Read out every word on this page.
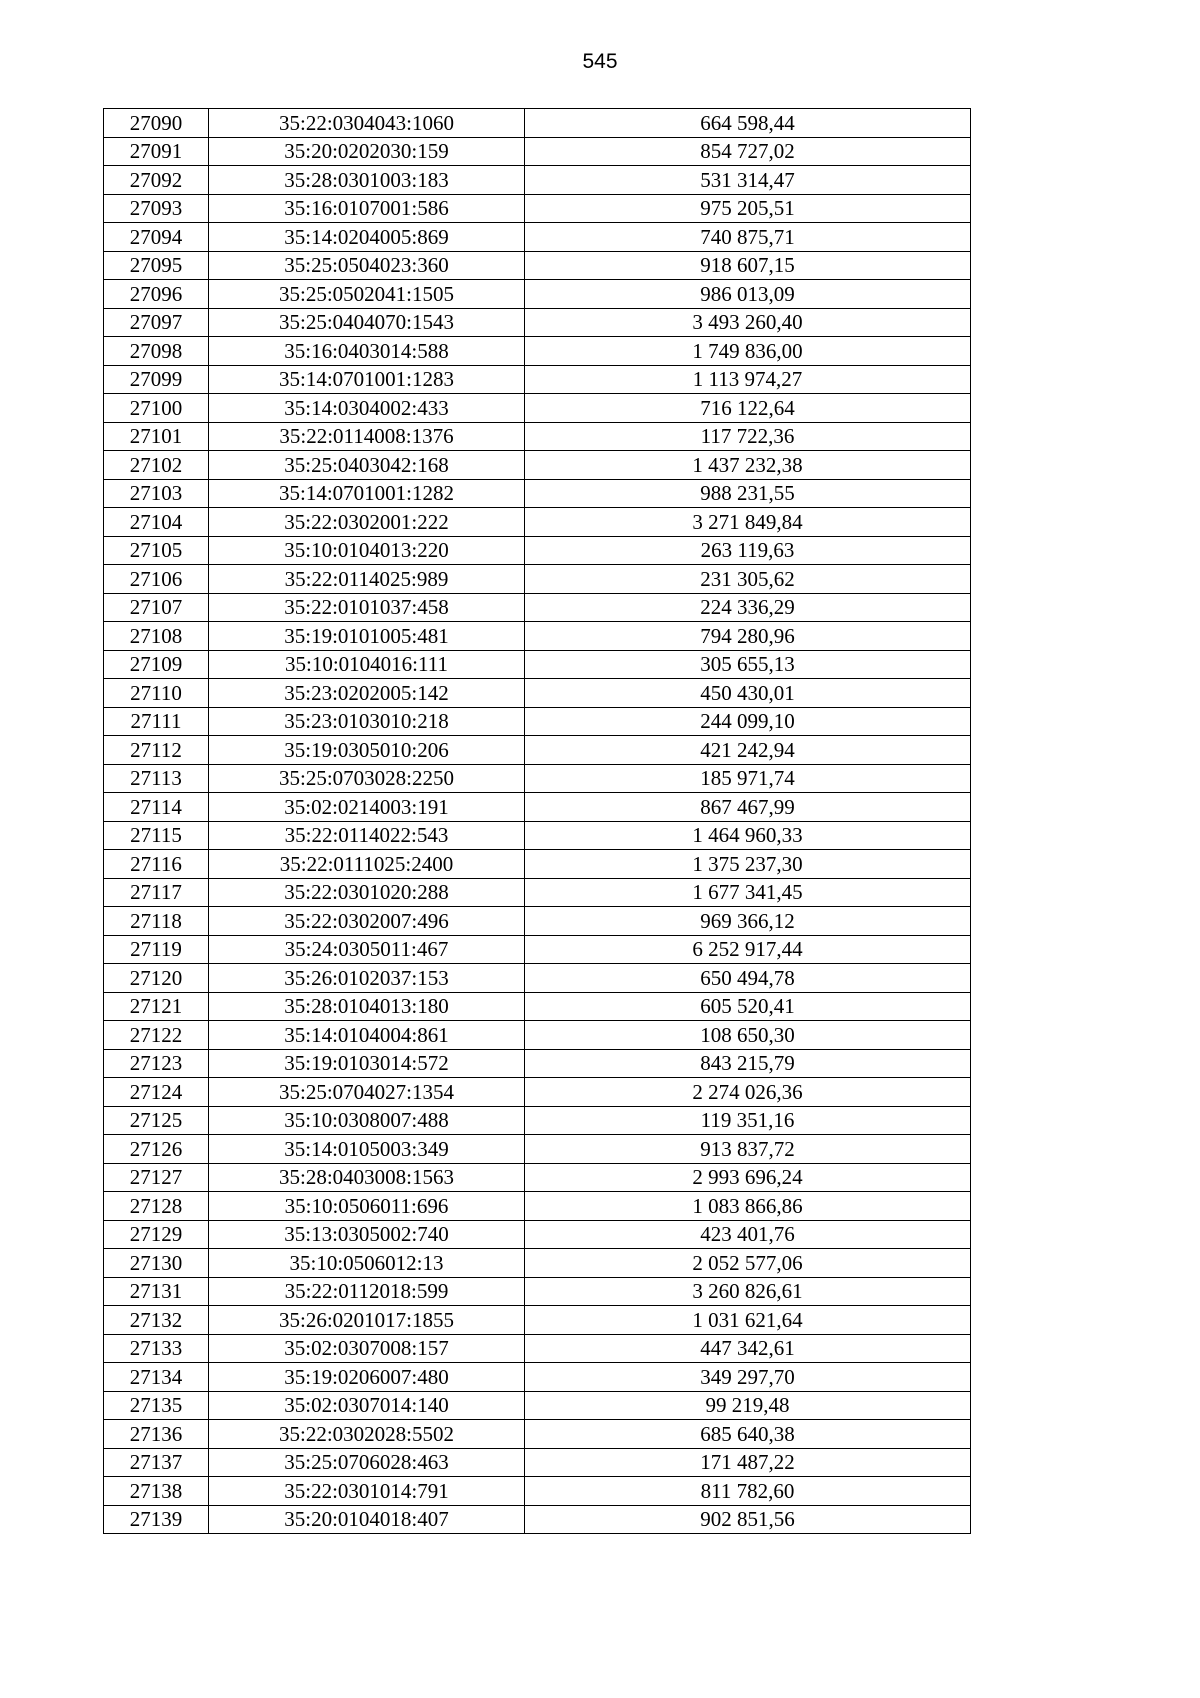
545
27090	35:22:0304043:1060	664 598,44
27091	35:20:0202030:159	854 727,02
27092	35:28:0301003:183	531 314,47
27093	35:16:0107001:586	975 205,51
27094	35:14:0204005:869	740 875,71
27095	35:25:0504023:360	918 607,15
27096	35:25:0502041:1505	986 013,09
27097	35:25:0404070:1543	3 493 260,40
27098	35:16:0403014:588	1 749 836,00
27099	35:14:0701001:1283	1 113 974,27
27100	35:14:0304002:433	716 122,64
27101	35:22:0114008:1376	117 722,36
27102	35:25:0403042:168	1 437 232,38
27103	35:14:0701001:1282	988 231,55
27104	35:22:0302001:222	3 271 849,84
27105	35:10:0104013:220	263 119,63
27106	35:22:0114025:989	231 305,62
27107	35:22:0101037:458	224 336,29
27108	35:19:0101005:481	794 280,96
27109	35:10:0104016:111	305 655,13
27110	35:23:0202005:142	450 430,01
27111	35:23:0103010:218	244 099,10
27112	35:19:0305010:206	421 242,94
27113	35:25:0703028:2250	185 971,74
27114	35:02:0214003:191	867 467,99
27115	35:22:0114022:543	1 464 960,33
27116	35:22:0111025:2400	1 375 237,30
27117	35:22:0301020:288	1 677 341,45
27118	35:22:0302007:496	969 366,12
27119	35:24:0305011:467	6 252 917,44
27120	35:26:0102037:153	650 494,78
27121	35:28:0104013:180	605 520,41
27122	35:14:0104004:861	108 650,30
27123	35:19:0103014:572	843 215,79
27124	35:25:0704027:1354	2 274 026,36
27125	35:10:0308007:488	119 351,16
27126	35:14:0105003:349	913 837,72
27127	35:28:0403008:1563	2 993 696,24
27128	35:10:0506011:696	1 083 866,86
27129	35:13:0305002:740	423 401,76
27130	35:10:0506012:13	2 052 577,06
27131	35:22:0112018:599	3 260 826,61
27132	35:26:0201017:1855	1 031 621,64
27133	35:02:0307008:157	447 342,61
27134	35:19:0206007:480	349 297,70
27135	35:02:0307014:140	99 219,48
27136	35:22:0302028:5502	685 640,38
27137	35:25:0706028:463	171 487,22
27138	35:22:0301014:791	811 782,60
27139	35:20:0104018:407	902 851,56
